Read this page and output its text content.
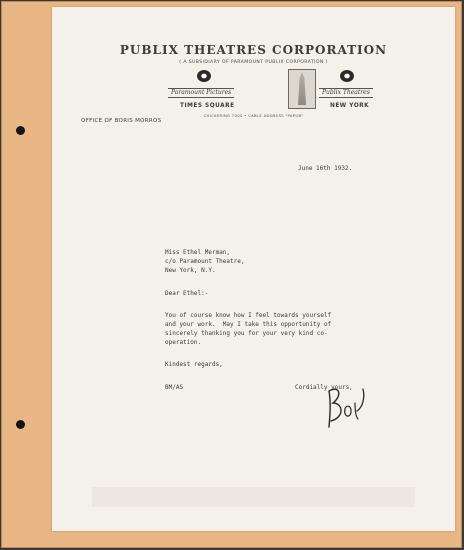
PUBLIX THEATRES CORPORATION
( A SUBSIDIARY OF PARAMOUNT PUBLIX CORPORATION )
Paramount Pictures	Publix Theatres
TIMES SQUARE	NEW YORK
CHICKERING 7000 • CABLE ADDRESS "PAPUB"
OFFICE OF BORIS MORROS
June 16th 1932.
Miss Ethel Merman,
c/o Paramount Theatre,
New York, N.Y.
Dear Ethel:-
You of course know how I feel towards yourself
and your work.  May I take this opportunity of
sincerely thanking you for your very kind co-
operation.
Kindest regards,
BM/AS	Cordially yours,
